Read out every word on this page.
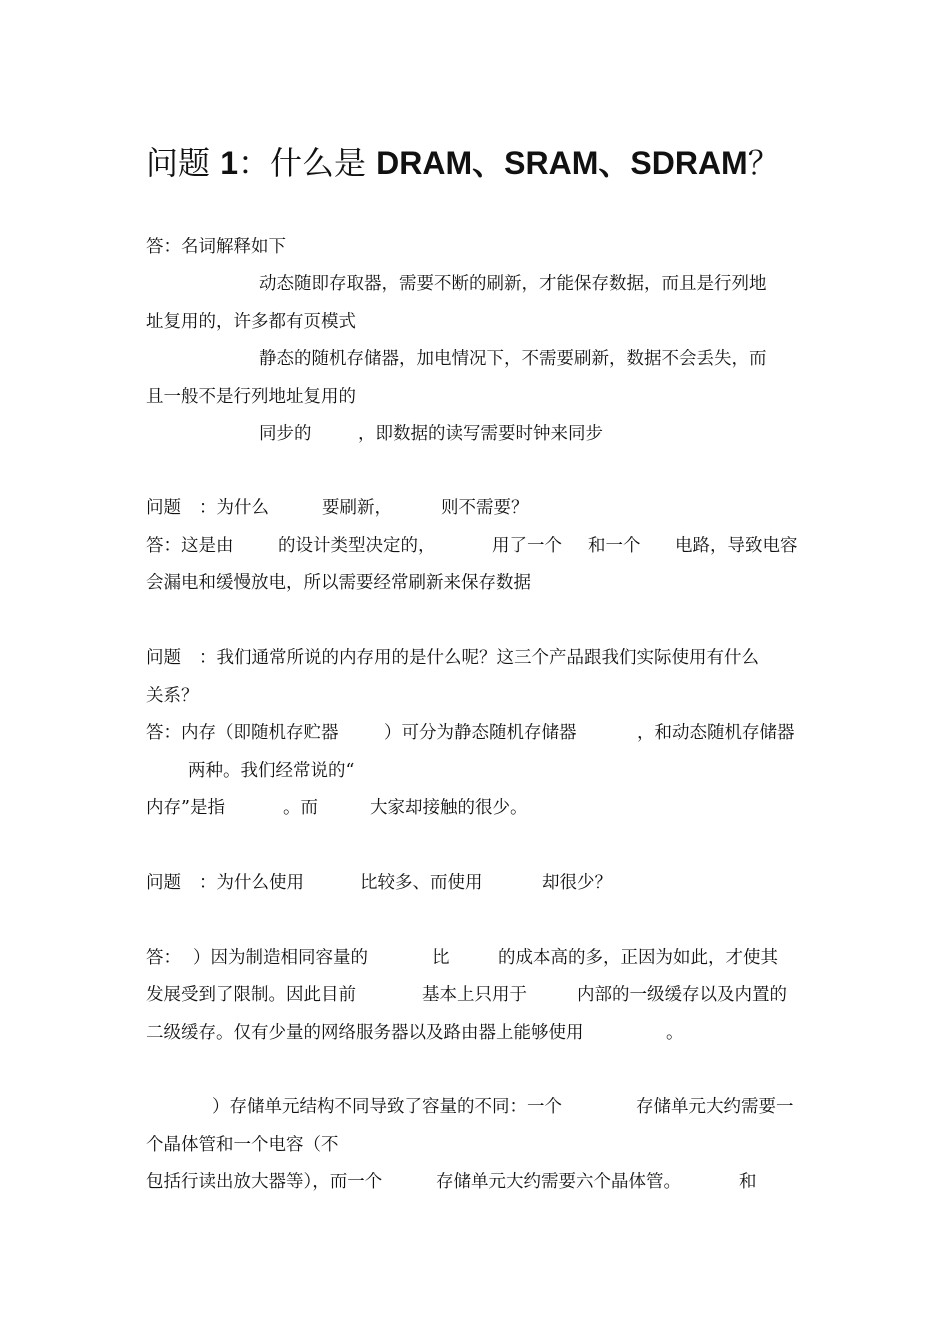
问题 1：什么是 DRAM、SRAM、SDRAM？

答：名词解释如下

动态随即存取器，需要不断的刷新，才能保存数据，而且是行列地

址复用的，许多都有页模式

静态的随机存储器，加电情况下，不需要刷新，数据不会丢失，而

且一般不是行列地址复用的

同步的	，即数据的读写需要时钟来同步

问题 ：为什么	要刷新，	则不需要？

答：这是由	的设计类型决定的，	用了一个 和一个 电路，导致电容

会漏电和缓慢放电，所以需要经常刷新来保存数据

问题 ：我们通常所说的内存用的是什么呢？这三个产品跟我们实际使用有什么

关系？

答：内存（即随机存贮器	）可分为静态随机存储器	，和动态随机存储器

两种。我们经常说的“

内存”是指	。而	大家却接触的很少。

问题 ：为什么使用	比较多、而使用	却很少？

答： ）因为制造相同容量的	比	的成本高的多，正因为如此，才使其

发展受到了限制。因此目前	基本上只用于	内部的一级缓存以及内置的

二级缓存。仅有少量的网络服务器以及路由器上能够使用	。

）存储单元结构不同导致了容量的不同：一个	存储单元大约需要一

个晶体管和一个电容（不

包括行读出放大器等），而一个	存储单元大约需要六个晶体管。	和
